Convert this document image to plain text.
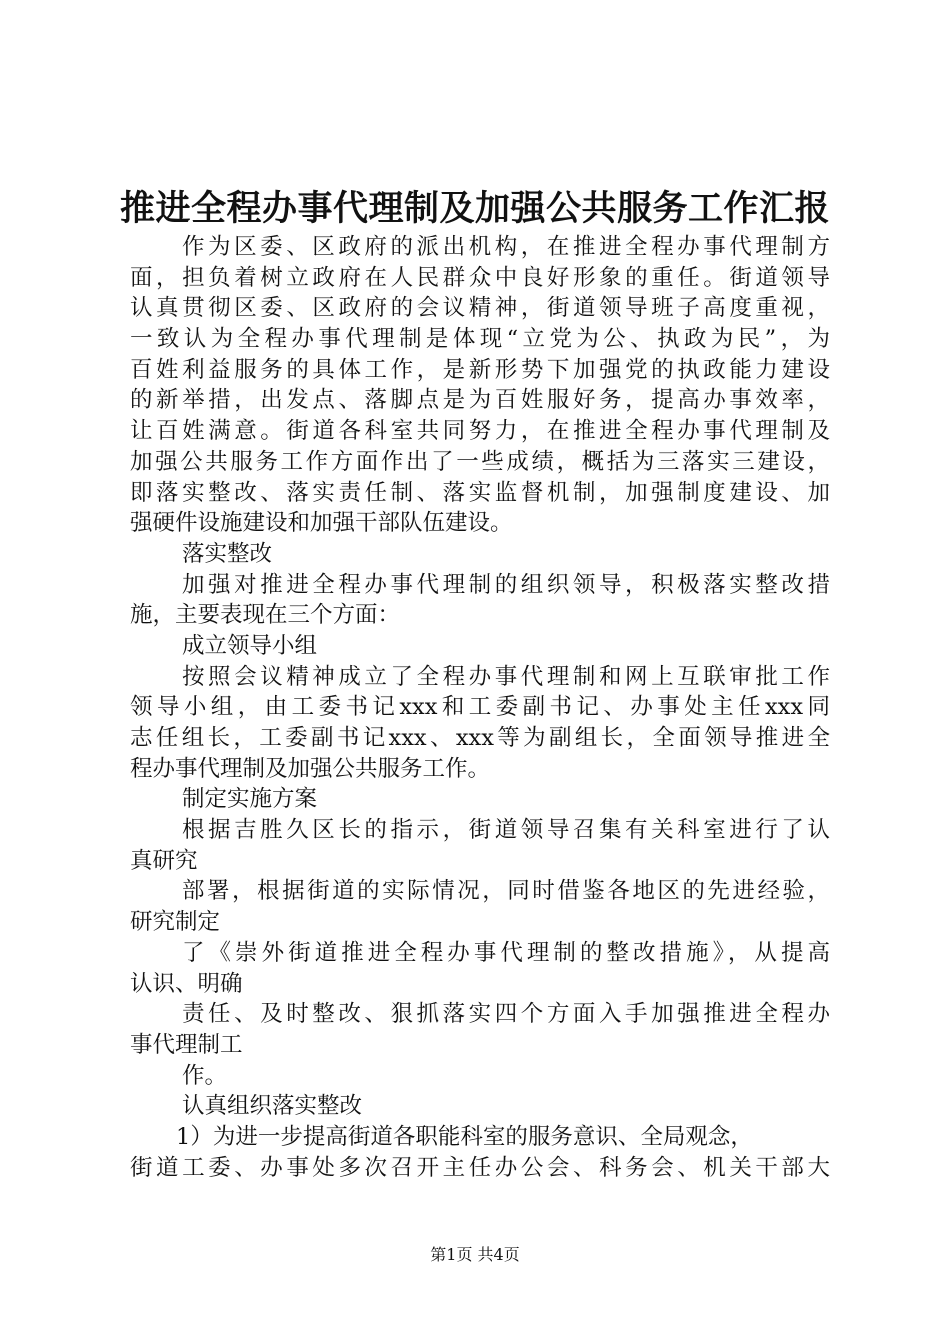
推进全程办事代理制及加强公共服务工作汇报
作为区委、区政府的派出机构，在推进全程办事代理制方
面，担负着树立政府在人民群众中良好形象的重任。街道领导
认真贯彻区委、区政府的会议精神，街道领导班子高度重视，
一致认为全程办事代理制是体现“立党为公、执政为民”，为
百姓利益服务的具体工作，是新形势下加强党的执政能力建设
的新举措，出发点、落脚点是为百姓服好务，提高办事效率，
让百姓满意。街道各科室共同努力，在推进全程办事代理制及
加强公共服务工作方面作出了一些成绩，概括为三落实三建设，
即落实整改、落实责任制、落实监督机制，加强制度建设、加
强硬件设施建设和加强干部队伍建设。
落实整改
加强对推进全程办事代理制的组织领导，积极落实整改措
施，主要表现在三个方面：
成立领导小组
按照会议精神成立了全程办事代理制和网上互联审批工作
领导小组，由工委书记xxx和工委副书记、办事处主任xxx同
志任组长，工委副书记xxx、xxx等为副组长，全面领导推进全
程办事代理制及加强公共服务工作。
制定实施方案
根据吉胜久区长的指示，街道领导召集有关科室进行了认
真研究
部署，根据街道的实际情况，同时借鉴各地区的先进经验，
研究制定
了《崇外街道推进全程办事代理制的整改措施》，从提高
认识、明确
责任、及时整改、狠抓落实四个方面入手加强推进全程办
事代理制工
作。
认真组织落实整改
1）为进一步提高街道各职能科室的服务意识、全局观念，
街道工委、办事处多次召开主任办公会、科务会、机关干部大
第1页 共4页
